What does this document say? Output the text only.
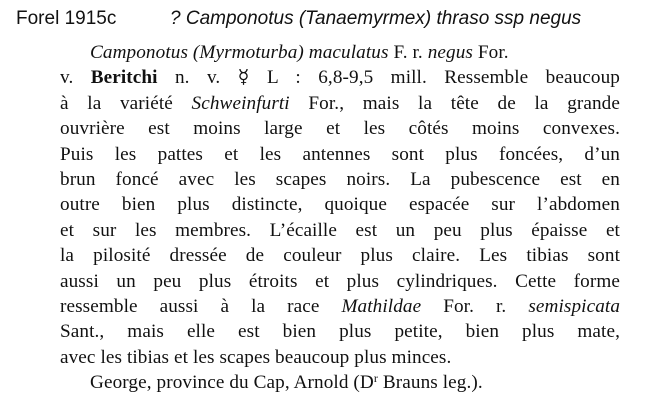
Forel 1915c	? Camponotus (Tanaemyrmex) thraso ssp negus
Camponotus (Myrmoturba) maculatus F. r. negus For.
v. Beritchi n. v. ☿ L : 6,8-9,5 mill. Ressemble beaucoup
à la variété Schweinfurti For., mais la tête de la grande
ouvrière est moins large et les côtés moins convexes.
Puis les pattes et les antennes sont plus foncées, d’un
brun foncé avec les scapes noirs. La pubescence est en
outre bien plus distincte, quoique espacée sur l’abdomen
et sur les membres. L’écaille est un peu plus épaisse et
la pilosité dressée de couleur plus claire. Les tibias sont
aussi un peu plus étroits et plus cylindriques. Cette forme
ressemble aussi à la race Mathildae For. r. semispicata
Sant., mais elle est bien plus petite, bien plus mate,
avec les tibias et les scapes beaucoup plus minces.
George, province du Cap, Arnold ($D^r$ Brauns leg.).
